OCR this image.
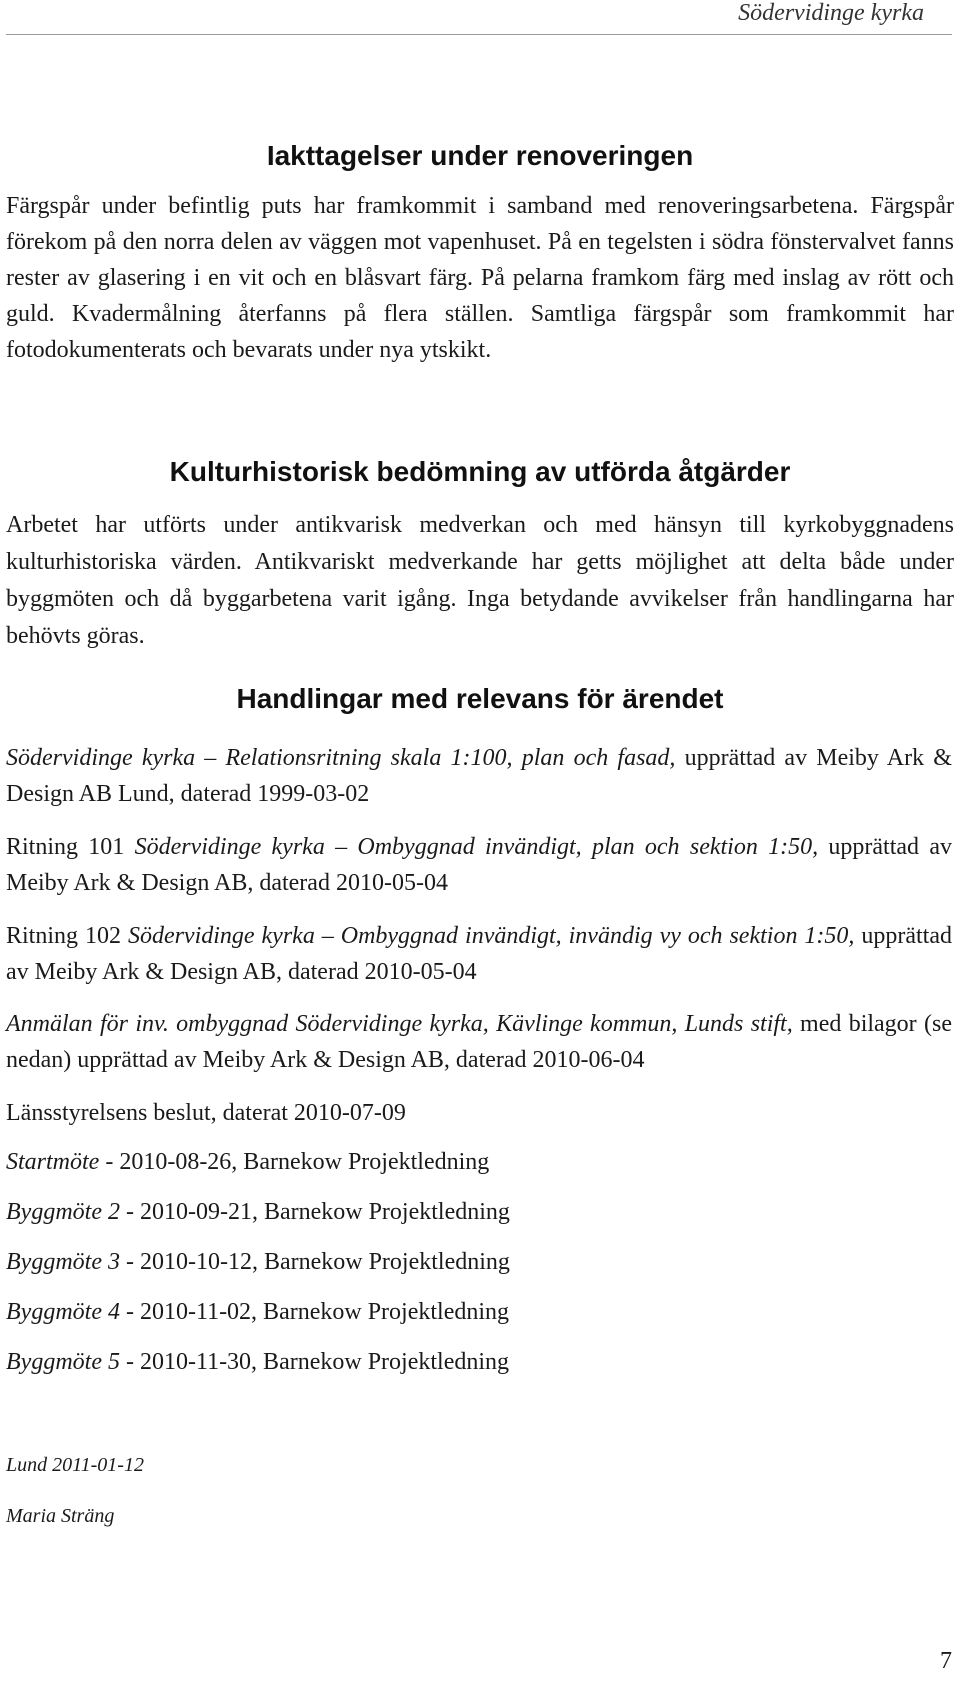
Södervidinge kyrka
Iakttagelser under renoveringen
Färgspår under befintlig puts har framkommit i samband med renoveringsarbetena. Färgspår förekom på den norra delen av väggen mot vapenhuset. På en tegelsten i södra fönstervalvet fanns rester av glasering i en vit och en blåsvart färg. På pelarna framkom färg med inslag av rött och guld. Kvadermålning återfanns på flera ställen. Samtliga färgspår som framkommit har fotodokumenterats och bevarats under nya ytskikt.
Kulturhistorisk bedömning av utförda åtgärder
Arbetet har utförts under antikvarisk medverkan och med hänsyn till kyrkobyggnadens kulturhistoriska värden. Antikvariskt medverkande har getts möjlighet att delta både under byggmöten och då byggarbetena varit igång. Inga betydande avvikelser från handlingarna har behövts göras.
Handlingar med relevans för ärendet
Södervidinge kyrka – Relationsritning skala 1:100, plan och fasad, upprättad av Meiby Ark & Design AB Lund, daterad 1999-03-02
Ritning 101 Södervidinge kyrka – Ombyggnad invändigt, plan och sektion 1:50, upprättad av Meiby Ark & Design AB, daterad 2010-05-04
Ritning 102 Södervidinge kyrka – Ombyggnad invändigt, invändig vy och sektion 1:50, upprättad av Meiby Ark & Design AB, daterad 2010-05-04
Anmälan för inv. ombyggnad Södervidinge kyrka, Kävlinge kommun, Lunds stift, med bilagor (se nedan) upprättad av Meiby Ark & Design AB, daterad 2010-06-04
Länsstyrelsens beslut, daterat 2010-07-09
Startmöte - 2010-08-26, Barnekow Projektledning
Byggmöte 2 - 2010-09-21, Barnekow Projektledning
Byggmöte 3 - 2010-10-12, Barnekow Projektledning
Byggmöte 4 - 2010-11-02, Barnekow Projektledning
Byggmöte 5 - 2010-11-30, Barnekow Projektledning
Lund 2011-01-12
Maria Sträng
7
